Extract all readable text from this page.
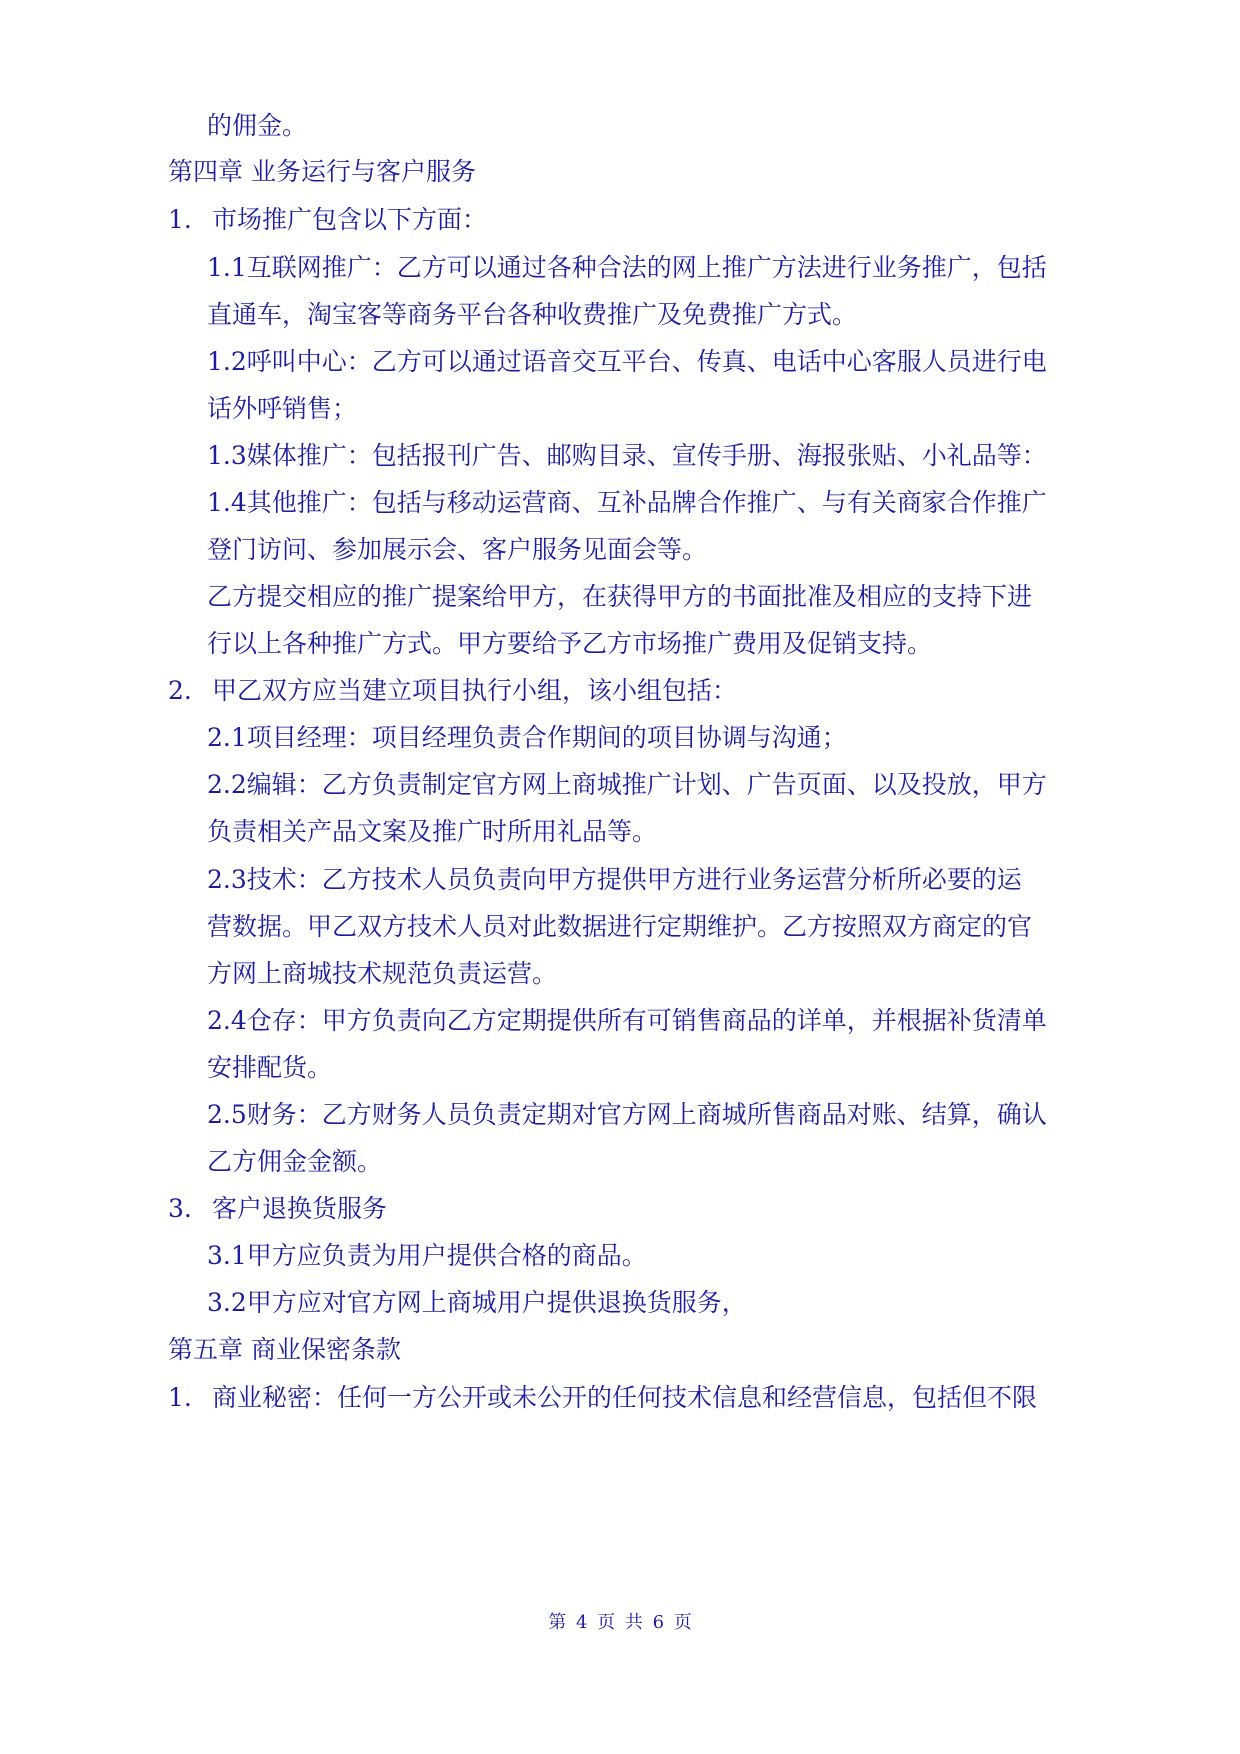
的佣金。
第四章 业务运行与客户服务
1. 市场推广包含以下方面：
1.1互联网推广：乙方可以通过各种合法的网上推广方法进行业务推广，包括
直通车，淘宝客等商务平台各种收费推广及免费推广方式。
1.2呼叫中心：乙方可以通过语音交互平台、传真、电话中心客服人员进行电
话外呼销售；
1.3媒体推广：包括报刊广告、邮购目录、宣传手册、海报张贴、小礼品等：
1.4其他推广：包括与移动运营商、互补品牌合作推广、与有关商家合作推广
登门访问、参加展示会、客户服务见面会等。
乙方提交相应的推广提案给甲方，在获得甲方的书面批准及相应的支持下进
行以上各种推广方式。甲方要给予乙方市场推广费用及促销支持。
2. 甲乙双方应当建立项目执行小组，该小组包括：
2.1项目经理：项目经理负责合作期间的项目协调与沟通；
2.2编辑：乙方负责制定官方网上商城推广计划、广告页面、以及投放，甲方
负责相关产品文案及推广时所用礼品等。
2.3技术：乙方技术人员负责向甲方提供甲方进行业务运营分析所必要的运
营数据。甲乙双方技术人员对此数据进行定期维护。乙方按照双方商定的官
方网上商城技术规范负责运营。
2.4仓存：甲方负责向乙方定期提供所有可销售商品的详单，并根据补货清单
安排配货。
2.5财务：乙方财务人员负责定期对官方网上商城所售商品对账、结算，确认
乙方佣金金额。
3. 客户退换货服务
3.1甲方应负责为用户提供合格的商品。
3.2甲方应对官方网上商城用户提供退换货服务，
第五章 商业保密条款
1. 商业秘密：任何一方公开或未公开的任何技术信息和经营信息，包括但不限
第 4 页 共 6 页
